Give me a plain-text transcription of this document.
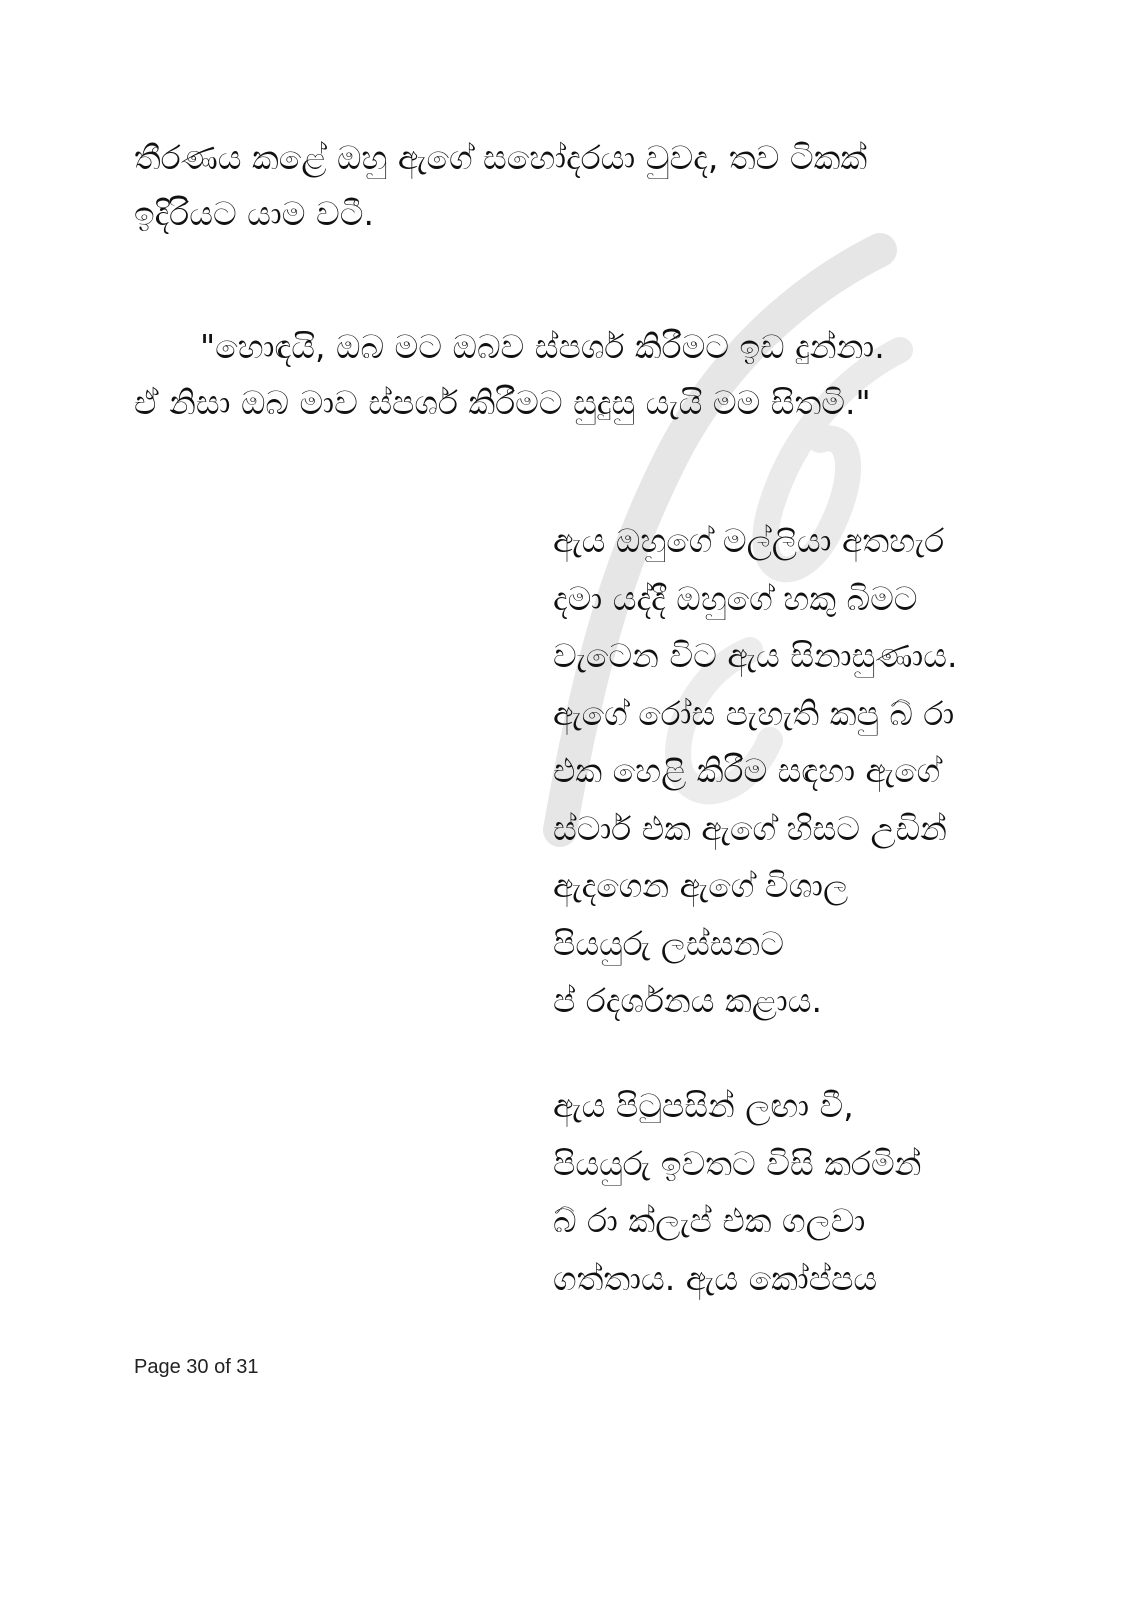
තීරණය කළේ ඔහු ඇගේ සහෝදරයා වුවද, තව ටිකක්
ඉදිරියට යාම වටී.
"හොඳයි, ඔබ මට ඔබව ස්පර්ශ කිරීමට ඉඩ දුන්නා.
ඒ නිසා ඔබ මාව ස්පර්ශ කිරීමට සුදුසු යැයි මම සිතමි."
ඇය ඔහුගේ මල්ලියා අතහැර
දමා යද්දී ඔහුගේ හකු බිමට
වැටෙන විට ඇය සිනාසුණාය.
ඇගේ රෝස පැහැති කපු බ් රා
එක හෙළි කිරීම සඳහා ඇගේ
ස්ටාර් එක ඇගේ හිසට උඩින්
ඇදගෙන ඇගේ විශාල
පියයුරු ලස්සනට
ප් රදර්ශනය කළාය.
ඇය පිටුපසින් ලඟා වී,
පියයුරු ඉවතට විසි කරමින්
බ් රා ක්ලැප් එක ගලවා
ගත්තාය. ඇය කෝප්පය
Page 30 of 31
